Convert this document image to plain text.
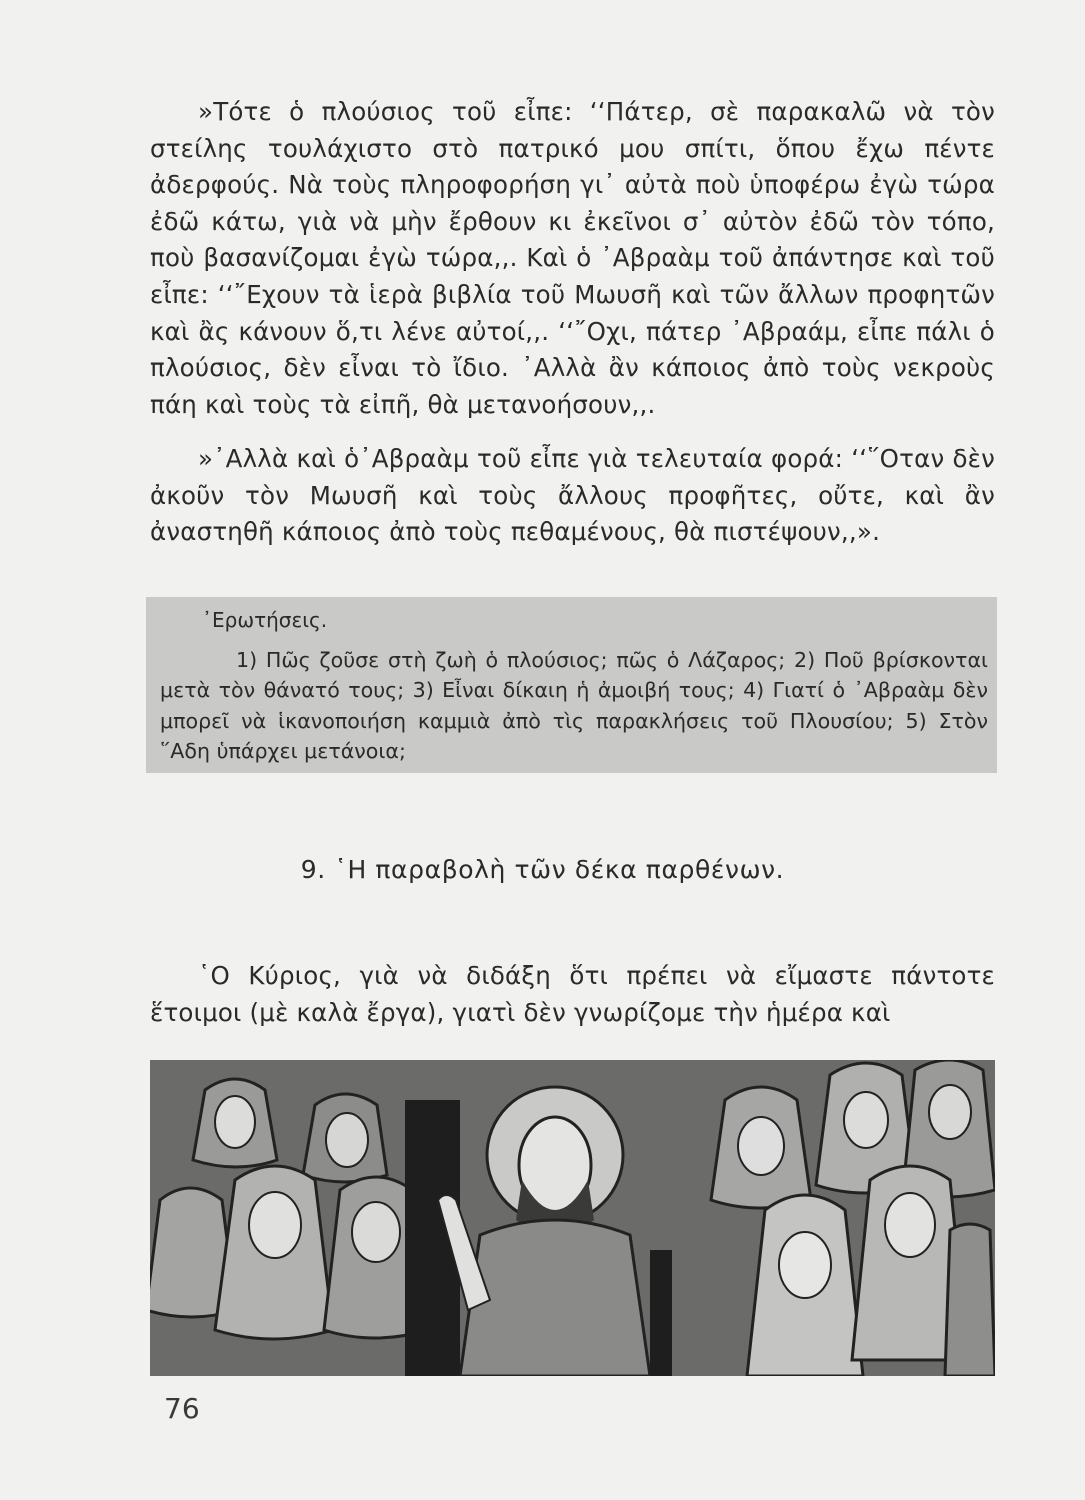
»Τότε ὁ πλούσιος τοῦ εἶπε: ‘‘Πάτερ, σὲ παρακαλῶ νὰ τὸν στείλης τουλάχιστο στὸ πατρικό μου σπίτι, ὅπου ἔχω πέντε ἀδερφούς. Νὰ τοὺς πληροφορήση γι᾽ αὐτὰ ποὺ ὑποφέρω ἐγὼ τώρα ἐδῶ κάτω, γιὰ νὰ μὴν ἔρθουν κι ἐκεῖνοι σ᾽ αὐτὸν ἐδῶ τὸν τόπο, ποὺ βασανίζομαι ἐγὼ τώρα,,. Καὶ ὁ ᾽Αβραὰμ τοῦ ἀπάντησε καὶ τοῦ εἶπε: ‘‘῎Εχουν τὰ ἱερὰ βιβλία τοῦ Μωυσῆ καὶ τῶν ἄλλων προφητῶν καὶ ἂς κάνουν ὅ,τι λένε αὐτοί,,. ‘‘῎Οχι, πάτερ ᾽Αβραάμ, εἶπε πάλι ὁ πλούσιος, δὲν εἶναι τὸ ἴδιο. ᾽Αλλὰ ἂν κάποιος ἀπὸ τοὺς νεκροὺς πάη καὶ τοὺς τὰ εἰπῆ, θὰ μετανοήσουν,,.

»᾽Αλλὰ καὶ ὁ᾽Αβραὰμ τοῦ εἶπε γιὰ τελευταία φορά: ‘‘῞Οταν δὲν ἀκοῦν τὸν Μωυσῆ καὶ τοὺς ἄλλους προφῆτες, οὔτε, καὶ ἂν ἀναστηθῆ κάποιος ἀπὸ τοὺς πεθαμένους, θὰ πιστέψουν,,».

᾽Ερωτήσεις.

1) Πῶς ζοῦσε στὴ ζωὴ ὁ πλούσιος; πῶς ὁ Λάζαρος; 2) Ποῦ βρίσκονται μετὰ τὸν θάνατό τους; 3) Εἶναι δίκαιη ἡ ἀμοιβή τους; 4) Γιατί ὁ ᾽Αβραὰμ δὲν μπορεῖ νὰ ἱκανοποιήση καμμιὰ ἀπὸ τὶς παρακλήσεις τοῦ Πλουσίου; 5) Στὸν ῞Αδη ὑπάρχει μετάνοια;

9. ῾Η παραβολὴ τῶν δέκα παρθένων.

῾Ο Κύριος, γιὰ νὰ διδάξη ὅτι πρέπει νὰ εἴμαστε πάντοτε ἕτοιμοι (μὲ καλὰ ἔργα), γιατὶ δὲν γνωρίζομε τὴν ἡμέρα καὶ

76
